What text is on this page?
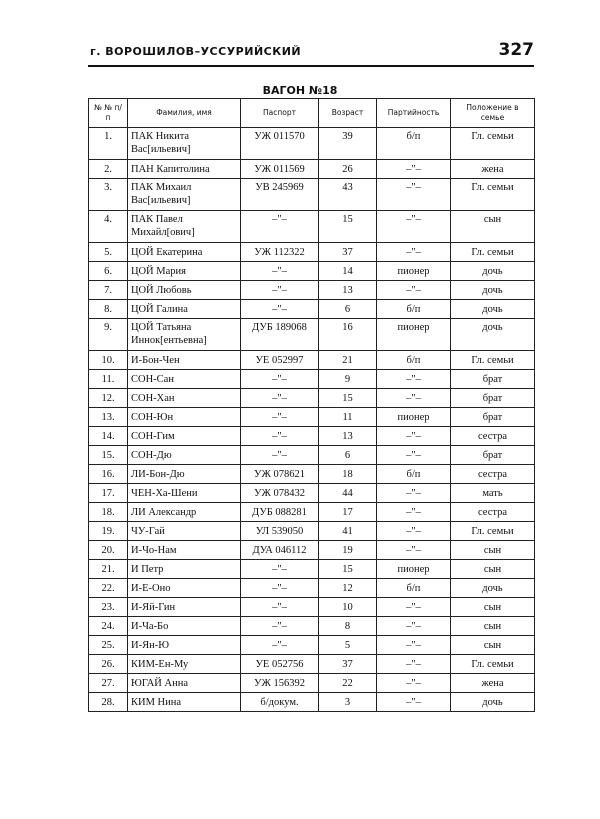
г. ВОРОШИЛОВ–УССУРИЙСКИЙ	327
ВАГОН №18
№ № п/п	Фамилия, имя	Паспорт	Возраст	Партийность	Положение в семье
1.	ПАК Никита Вас[ильевич]	УЖ 011570	39	б/п	Гл. семьи
2.	ПАН Капитолина	УЖ 011569	26	–"–	жена
3.	ПАК Михаил Вас[ильевич]	УВ 245969	43	–"–	Гл. семьи
4.	ПАК Павел Михайл[ович]	–"–	15	–"–	сын
5.	ЦОЙ Екатерина	УЖ 112322	37	–"–	Гл. семьи
6.	ЦОЙ Мария	–"–	14	пионер	дочь
7.	ЦОЙ Любовь	–"–	13	–"–	дочь
8.	ЦОЙ Галина	–"–	6	б/п	дочь
9.	ЦОЙ Татьяна Иннок[ентьевна]	ДУБ 189068	16	пионер	дочь
10.	И-Бон-Чен	УЕ 052997	21	б/п	Гл. семьи
11.	СОН-Сан	–"–	9	–"–	брат
12.	СОН-Хан	–"–	15	–"–	брат
13.	СОН-Юн	–"–	11	пионер	брат
14.	СОН-Гим	–"–	13	–"–	сестра
15.	СОН-Дю	–"–	6	–"–	брат
16.	ЛИ-Бон-Дю	УЖ 078621	18	б/п	сестра
17.	ЧЕН-Ха-Шени	УЖ 078432	44	–"–	мать
18.	ЛИ Александр	ДУБ 088281	17	–"–	сестра
19.	ЧУ-Гай	УЛ 539050	41	–"–	Гл. семьи
20.	И-Чо-Нам	ДУА 046112	19	–"–	сын
21.	И Петр	–"–	15	пионер	сын
22.	И-Е-Оно	–"–	12	б/п	дочь
23.	И-Яй-Гин	–"–	10	–"–	сын
24.	И-Ча-Бо	–"–	8	–"–	сын
25.	И-Ян-Ю	–"–	5	–"–	сын
26.	КИМ-Ен-Му	УЕ 052756	37	–"–	Гл. семьи
27.	ЮГАЙ Анна	УЖ 156392	22	–"–	жена
28.	КИМ Нина	б/докум.	3	–"–	дочь
